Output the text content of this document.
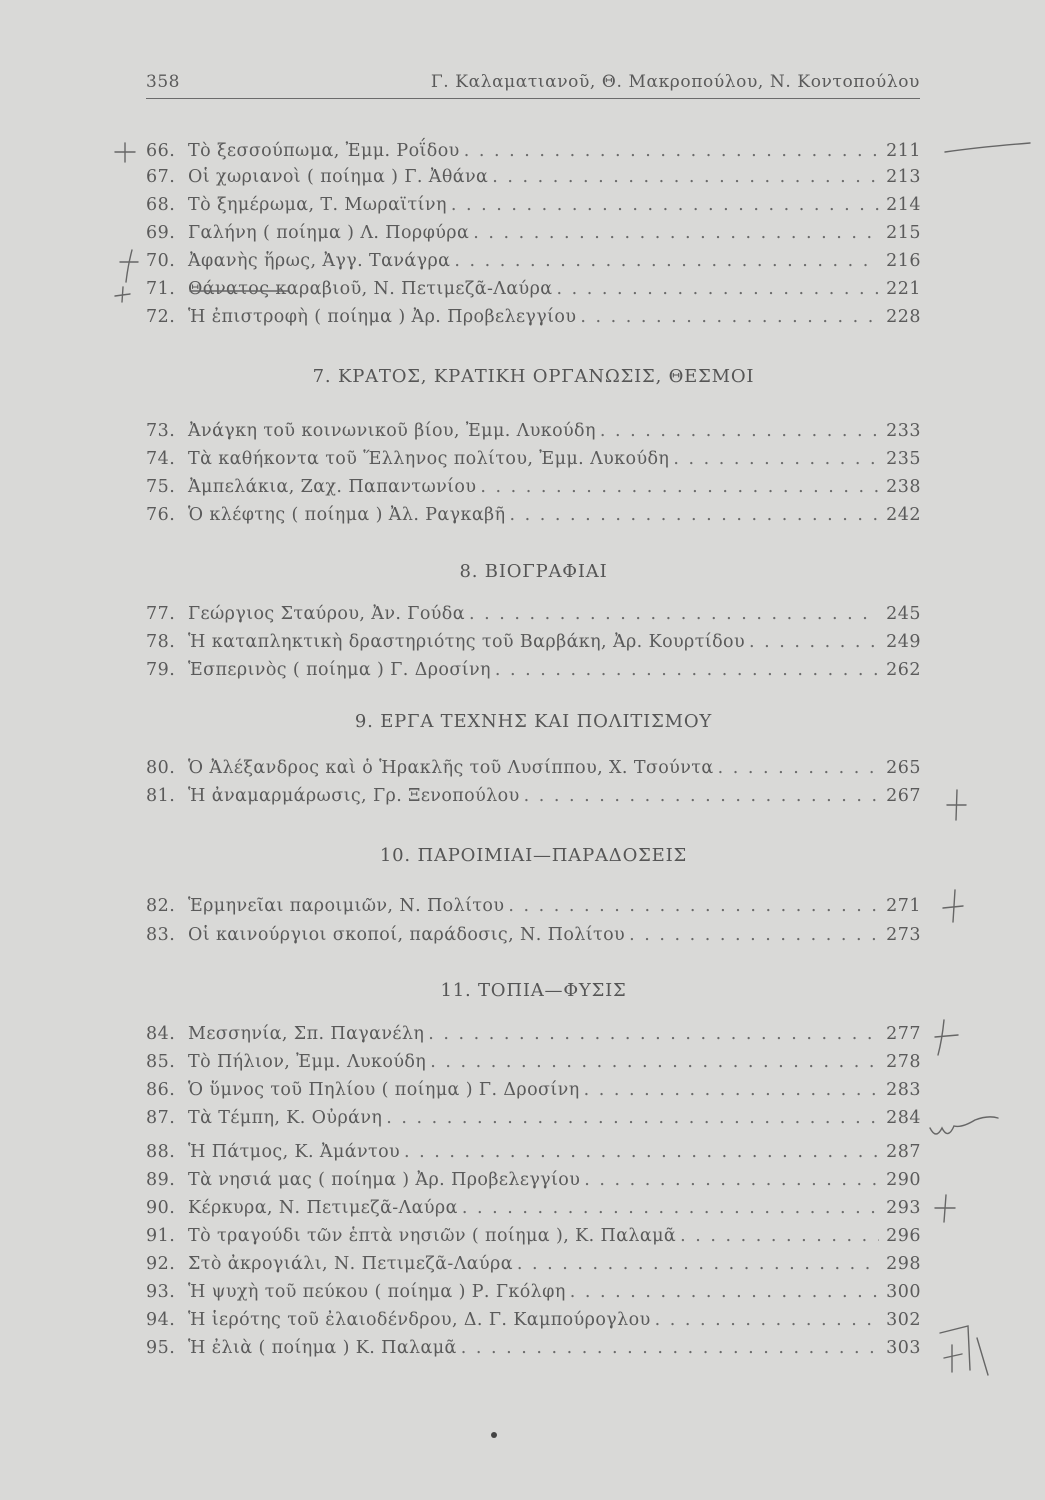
358	Γ. Καλαματιανοῦ, Θ. Μακροπούλου, Ν. Κοντοπούλου
66. Τὸ ξεσσούπωμα, Ἐμμ. Ροΐδου . . .	211
67. Οἱ χωριανοὶ ( ποίημα ) Γ. Ἀθάνα . . .	213
68. Τὸ ξημέρωμα, Τ. Μωραϊτίνη . . .	214
69. Γαλήνη ( ποίημα ) Λ. Πορφύρα . . .	215
70. Ἀφανὴς ἥρως, Ἀγγ. Τανάγρα . . .	216
71. Θάνατος καραβιοῦ, Ν. Πετιμεζᾶ-Λαύρα . . .	221
72. Ἡ ἐπιστροφὴ ( ποίημα ) Ἀρ. Προβελεγγίου . . .	228
7. ΚΡΑΤΟΣ, ΚΡΑΤΙΚΗ ΟΡΓΑΝΩΣΙΣ, ΘΕΣΜΟΙ
73. Ἀνάγκη τοῦ κοινωνικοῦ βίου, Ἐμμ. Λυκούδη . . .	233
74. Τὰ καθήκοντα τοῦ Ἕλληνος πολίτου, Ἐμμ. Λυκούδη . . .	235
75. Ἀμπελάκια, Ζαχ. Παπαντωνίου . . .	238
76. Ὁ κλέφτης ( ποίημα ) Ἀλ. Ραγκαβῆ . . .	242
8. ΒΙΟΓΡΑΦΙΑΙ
77. Γεώργιος Σταύρου, Ἀν. Γούδα . . .	245
78. Ἡ καταπληκτικὴ δραστηριότης τοῦ Βαρβάκη, Ἀρ. Κουρτίδου . . .	249
79. Ἑσπερινὸς ( ποίημα ) Γ. Δροσίνη . . .	262
9. ΕΡΓΑ ΤΕΧΝΗΣ ΚΑΙ ΠΟΛΙΤΙΣΜΟΥ
80. Ὁ Ἀλέξανδρος καὶ ὁ Ἡρακλῆς τοῦ Λυσίππου, Χ. Τσούντα . . .	265
81. Ἡ ἀναμαρμάρωσις, Γρ. Ξενοπούλου . . .	267
10. ΠΑΡΟΙΜΙΑΙ—ΠΑΡΑΔΟΣΕΙΣ
82. Ἑρμηνεῖαι παροιμιῶν, Ν. Πολίτου . . .	271
83. Οἱ καινούργιοι σκοποί, παράδοσις, Ν. Πολίτου . . .	273
11. ΤΟΠΙΑ—ΦΥΣΙΣ
84. Μεσσηνία, Σπ. Παγανέλη . . .	277
85. Τὸ Πήλιον, Ἐμμ. Λυκούδη . . .	278
86. Ὁ ὕμνος τοῦ Πηλίου ( ποίημα ) Γ. Δροσίνη . . .	283
87. Τὰ Τέμπη, Κ. Οὐράνη . . .	284
88. Ἡ Πάτμος, Κ. Ἀμάντου . . .	287
89. Τὰ νησιά μας ( ποίημα ) Ἀρ. Προβελεγγίου . . .	290
90. Κέρκυρα, Ν. Πετιμεζᾶ-Λαύρα . . .	293
91. Τὸ τραγούδι τῶν ἑπτὰ νησιῶν ( ποίημα ), Κ. Παλαμᾶ . . .	296
92. Στὸ ἀκρογιάλι, Ν. Πετιμεζᾶ-Λαύρα . . .	298
93. Ἡ ψυχὴ τοῦ πεύκου ( ποίημα ) Ρ. Γκόλφη . . .	300
94. Ἡ ἱερότης τοῦ ἐλαιοδένδρου, Δ. Γ. Καμπούρογλου . . .	302
95. Ἡ ἐλιὰ ( ποίημα ) Κ. Παλαμᾶ . . .	303
